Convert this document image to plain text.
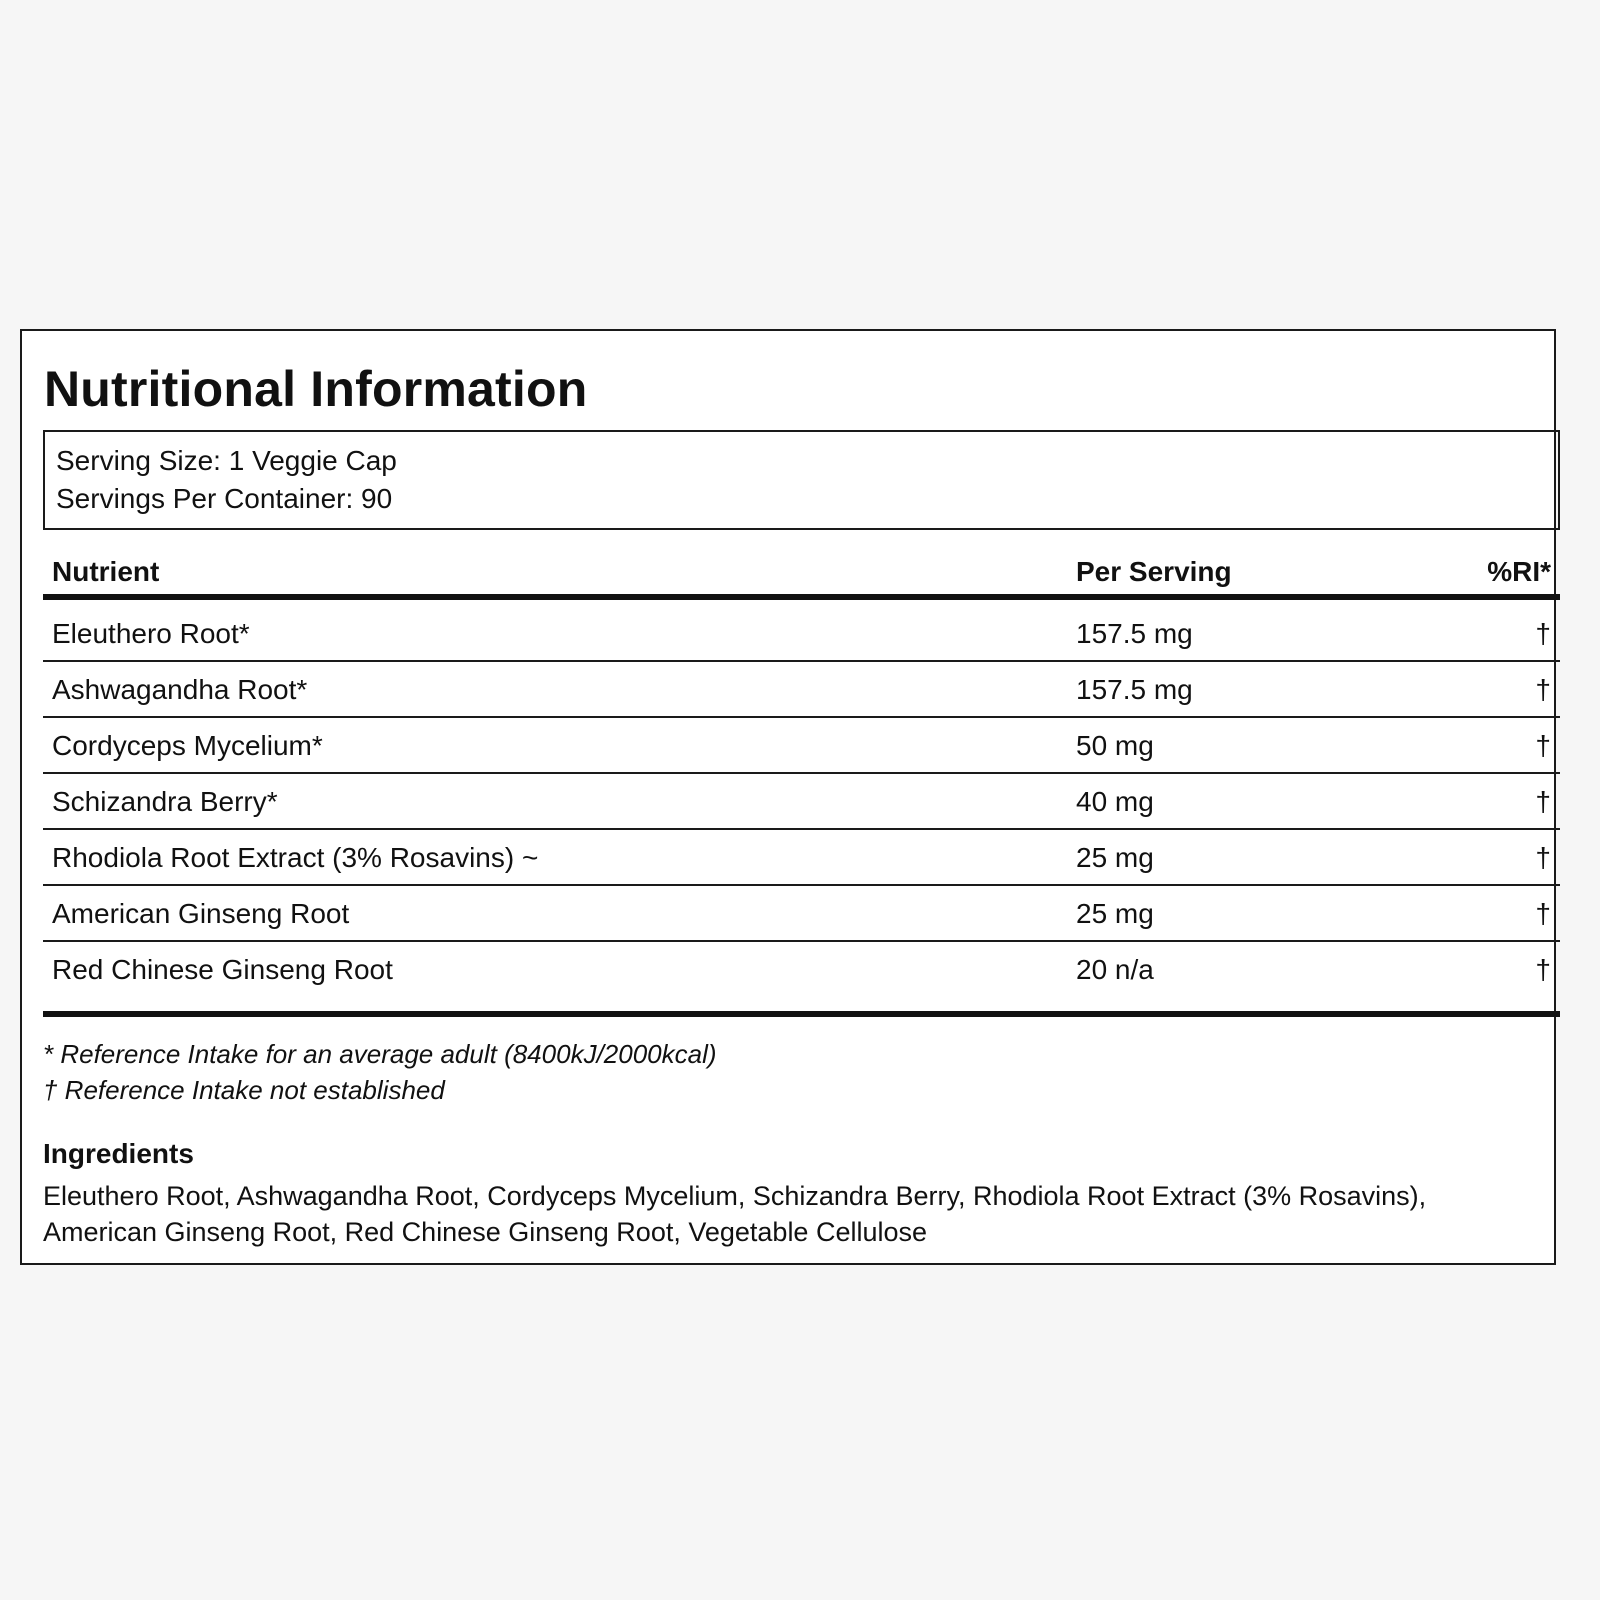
Nutritional Information
Serving Size: 1 Veggie Cap
Servings Per Container: 90
Nutrient	Per Serving	%RI*
Eleuthero Root*	157.5 mg	†
Ashwagandha Root*	157.5 mg	†
Cordyceps Mycelium*	50 mg	†
Schizandra Berry*	40 mg	†
Rhodiola Root Extract (3% Rosavins) ~	25 mg	†
American Ginseng Root	25 mg	†
Red Chinese Ginseng Root	20 n/a	†
* Reference Intake for an average adult (8400kJ/2000kcal)
† Reference Intake not established
Ingredients

Eleuthero Root, Ashwagandha Root, Cordyceps Mycelium, Schizandra Berry, Rhodiola Root Extract (3% Rosavins), American Ginseng Root, Red Chinese Ginseng Root, Vegetable Cellulose
